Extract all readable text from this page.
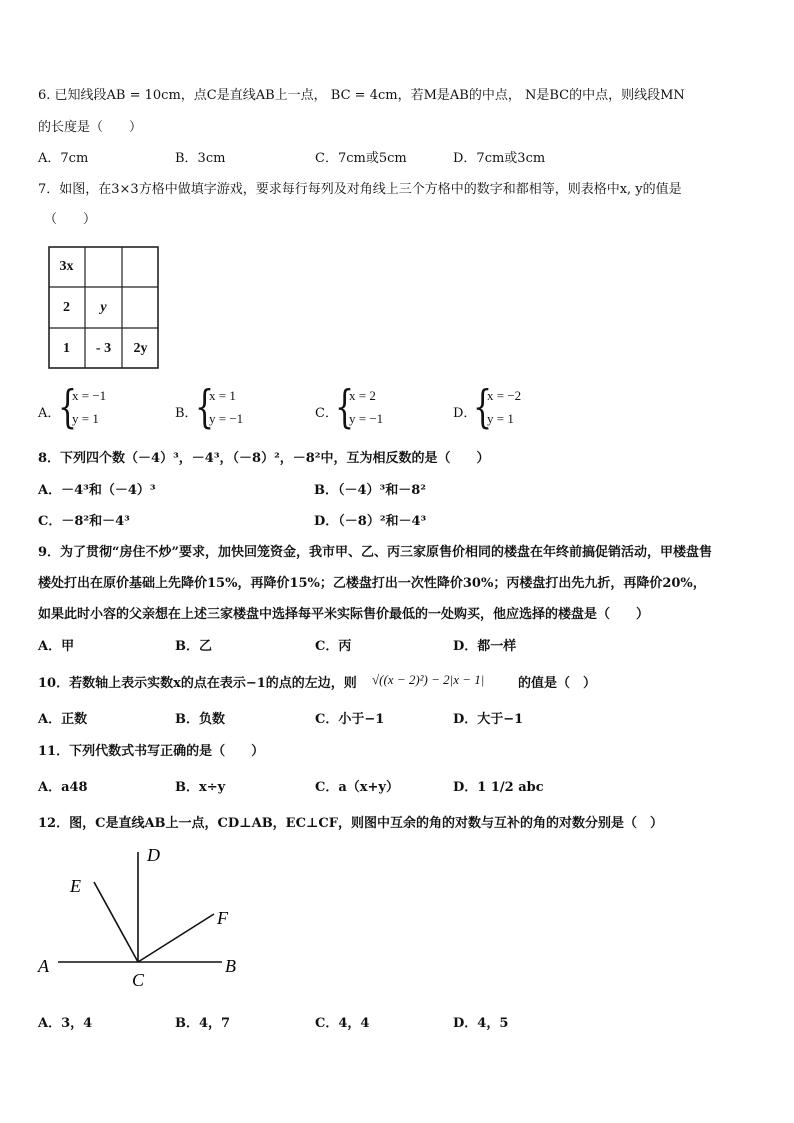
6. 已知线段AB = 10cm，点C是直线AB上一点， BC = 4cm，若M是AB的中点， N是BC的中点，则线段MN
的长度是（　　）
A．7cm	B．3cm	C．7cm或5cm	D．7cm或3cm
7．如图，在3×3方格中做填字游戏，要求每行每列及对角线上三个方格中的数字和都相等，则表格中x, y的值是
（　　）
3x
2	y
1	- 3	2y
A．
{
x = −1
y = 1	B．
{
x = 1
y = −1	C．
{
x = 2
y = −1	D．
{
x = −2
y = 1
8．下列四个数（－4）³，－4³，（－8）²，－8²中，互为相反数的是（　　）
A．－4³和（－4）³	B．（－4）³和－8²
C．－8²和－4³	D．（－8）²和－4³
9．为了贯彻“房住不炒”要求，加快回笼资金，我市甲、乙、丙三家原售价相同的楼盘在年终前搞促销活动，甲楼盘售
楼处打出在原价基础上先降价15%，再降价15%；乙楼盘打出一次性降价30%；丙楼盘打出先九折，再降价20%，
如果此时小容的父亲想在上述三家楼盘中选择每平米实际售价最低的一处购买，他应选择的楼盘是（　　）
A．甲	B．乙	C．丙	D．都一样
10．若数轴上表示实数x的点在表示−1的点的左边，则 √((x − 2)²) − 2|x − 1|	的值是（　）
A．正数	B．负数	C．小于−1	D．大于−1
11．下列代数式书写正确的是（　　）
A．a48	B．x÷y	C．a（x+y）	D．1 1/2 abc
12．图，C是直线AB上一点，CD⊥AB，EC⊥CF，则图中互余的角的对数与互补的角的对数分别是（　）
A	B
C
D
E
F
A．3，4	B．4，7	C．4，4	D．4，5
